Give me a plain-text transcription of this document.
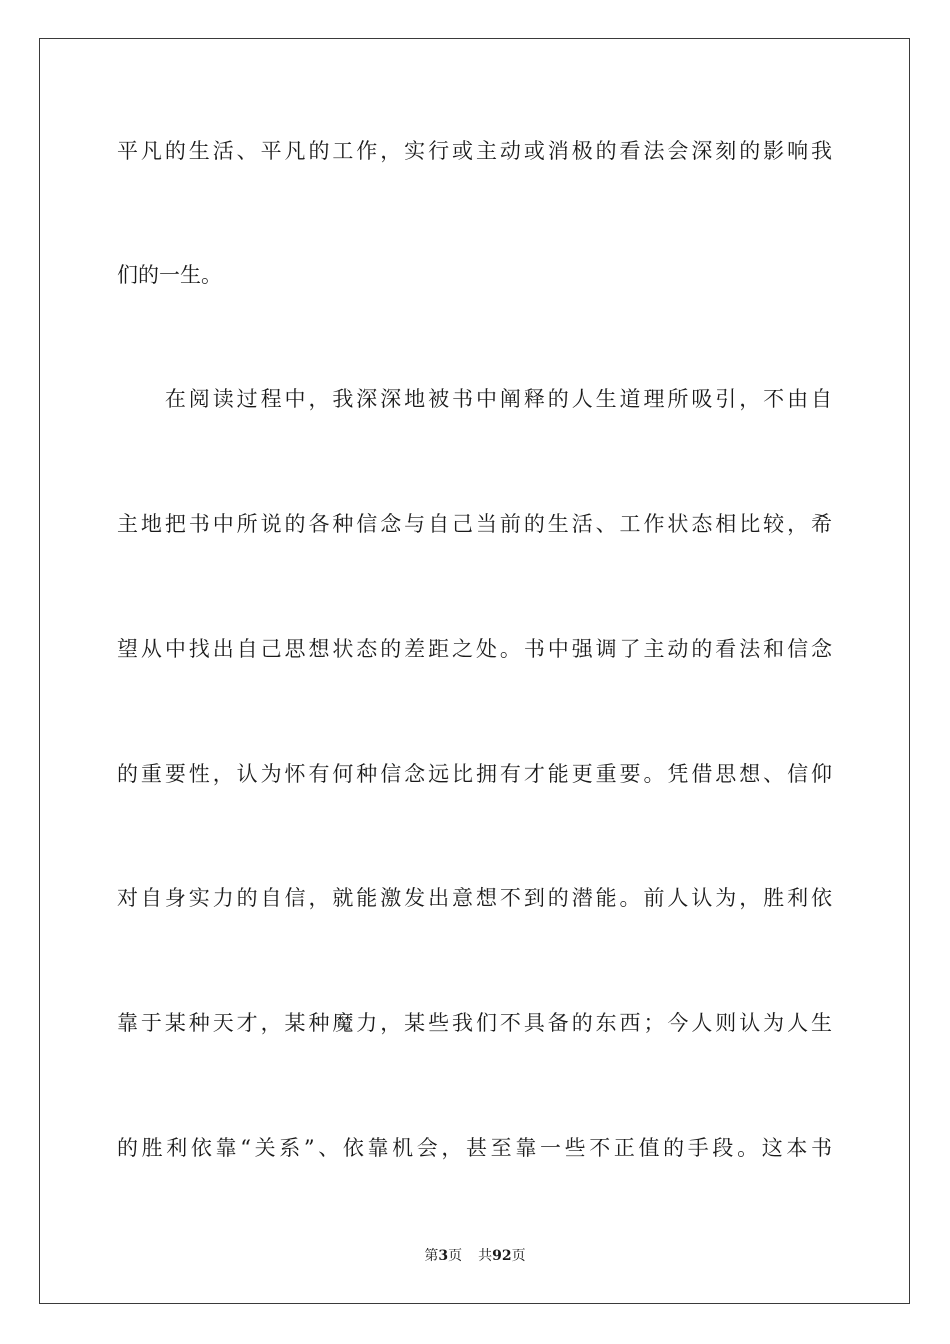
平凡的生活、平凡的工作，实行或主动或消极的看法会深刻的影响我
们的一生。
　　在阅读过程中，我深深地被书中阐释的人生道理所吸引，不由自
主地把书中所说的各种信念与自己当前的生活、工作状态相比较，希
望从中找出自己思想状态的差距之处。书中强调了主动的看法和信念
的重要性，认为怀有何种信念远比拥有才能更重要。凭借思想、信仰
对自身实力的自信，就能激发出意想不到的潜能。前人认为，胜利依
靠于某种天才，某种魔力，某些我们不具备的东西；今人则认为人生
的胜利依靠“关系”、依靠机会，甚至靠一些不正值的手段。这本书
第3页 共92页
